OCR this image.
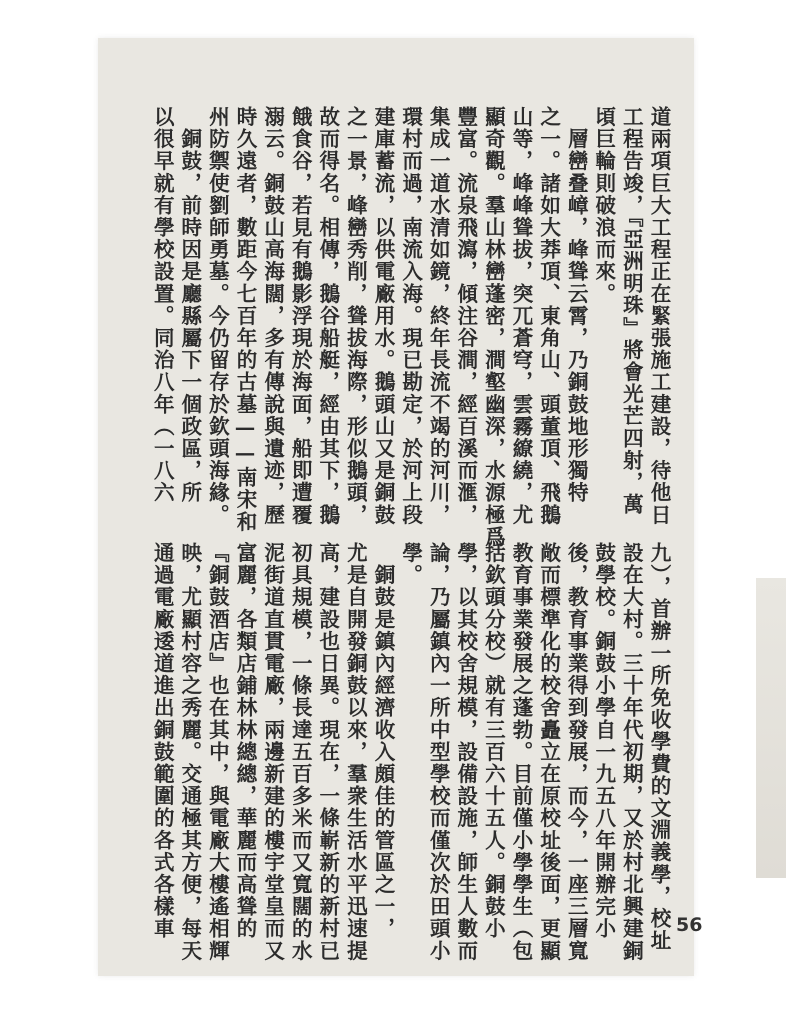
道兩項巨大工程正在緊張施工建設，待他日
工程告竣，『亞洲明珠』將會光芒四射，萬
頃巨輪則破浪而來。
　層巒叠嶂，峰聳云霄，乃銅鼓地形獨特
之一。諸如大莽頂、東角山、頭董頂、飛鵝
山等，峰峰聳拔，突兀蒼穹，雲霧繚繞，尤
顯奇觀。羣山林巒蓬密，澗壑幽深，水源極爲
豐富。流泉飛瀉，傾注谷澗，經百溪而滙，
集成一道水清如鏡，終年長流不竭的河川，
環村而過，南流入海。現已勘定，於河上段
建庫蓄流，以供電廠用水。鵝頭山又是銅鼓
之一景，峰巒秀削，聳拔海際，形似鵝頭，
故而得名。相傳，鵝谷船艇，經由其下，鵝
餓食谷，若見有鵝影浮現於海面，船即遭覆
溺云。銅鼓山高海闊，多有傳說與遺迹，歷
時久遠者，數距今七百年的古墓——南宋和
州防禦使劉師勇墓。今仍留存於欽頭海緣。
　銅鼓，前時因是廳縣屬下一個政區，所
以很早就有學校設置。同治八年（一八六
九），首辦一所免收學費的文淵義學，校址
設在大村。三十年代初期，又於村北興建銅
鼓學校。銅鼓小學自一九五八年開辦完小
後，教育事業得到發展，而今，一座三層寬
敞而標準化的校舍矗立在原校址後面，更顯
教育事業發展之蓬勃。目前僅小學學生（包
括欽頭分校）就有三百六十五人。銅鼓小
學，以其校舍規模，設備設施，師生人數而
論，乃屬鎮內一所中型學校而僅次於田頭小
學。
　銅鼓是鎮內經濟收入頗佳的管區之一，
尤是自開發銅鼓以來，羣衆生活水平迅速提
高，建設也日異。現在，一條嶄新的新村已
初具規模，一條長達五百多米而又寬闊的水
泥街道直貫電廠，兩邊新建的樓宇堂皇而又
富麗，各類店鋪林林總總，華麗而高聳的
『銅鼓酒店』也在其中，與電廠大樓遙相輝
映，尤顯村容之秀麗。交通極其方便，每天
通過電廠逶道進出銅鼓範圍的各式各樣車	56
